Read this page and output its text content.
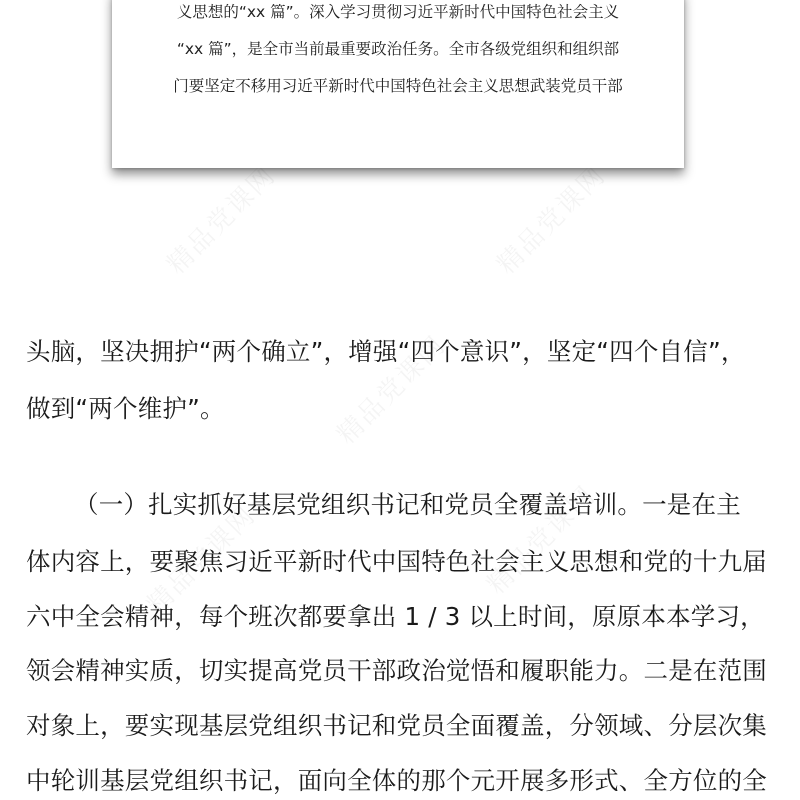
义思想的“xx 篇”。深入学习贯彻习近平新时代中国特色社会主义
“xx 篇”，是全市当前最重要政治任务。全市各级党组织和组织部
门要坚定不移用习近平新时代中国特色社会主义思想武装党员干部
头脑，坚决拥护“两个确立”，增强“四个意识”，坚定“四个自信”，
做到“两个维护”。
（一）扎实抓好基层党组织书记和党员全覆盖培训。一是在主
体内容上，要聚焦习近平新时代中国特色社会主义思想和党的十九届
六中全会精神，每个班次都要拿出 1 / 3 以上时间，原原本本学习，
领会精神实质，切实提高党员干部政治觉悟和履职能力。二是在范围
对象上，要实现基层党组织书记和党员全面覆盖，分领域、分层次集
中轮训基层党组织书记，面向全体的那个元开展多形式、全方位的全
